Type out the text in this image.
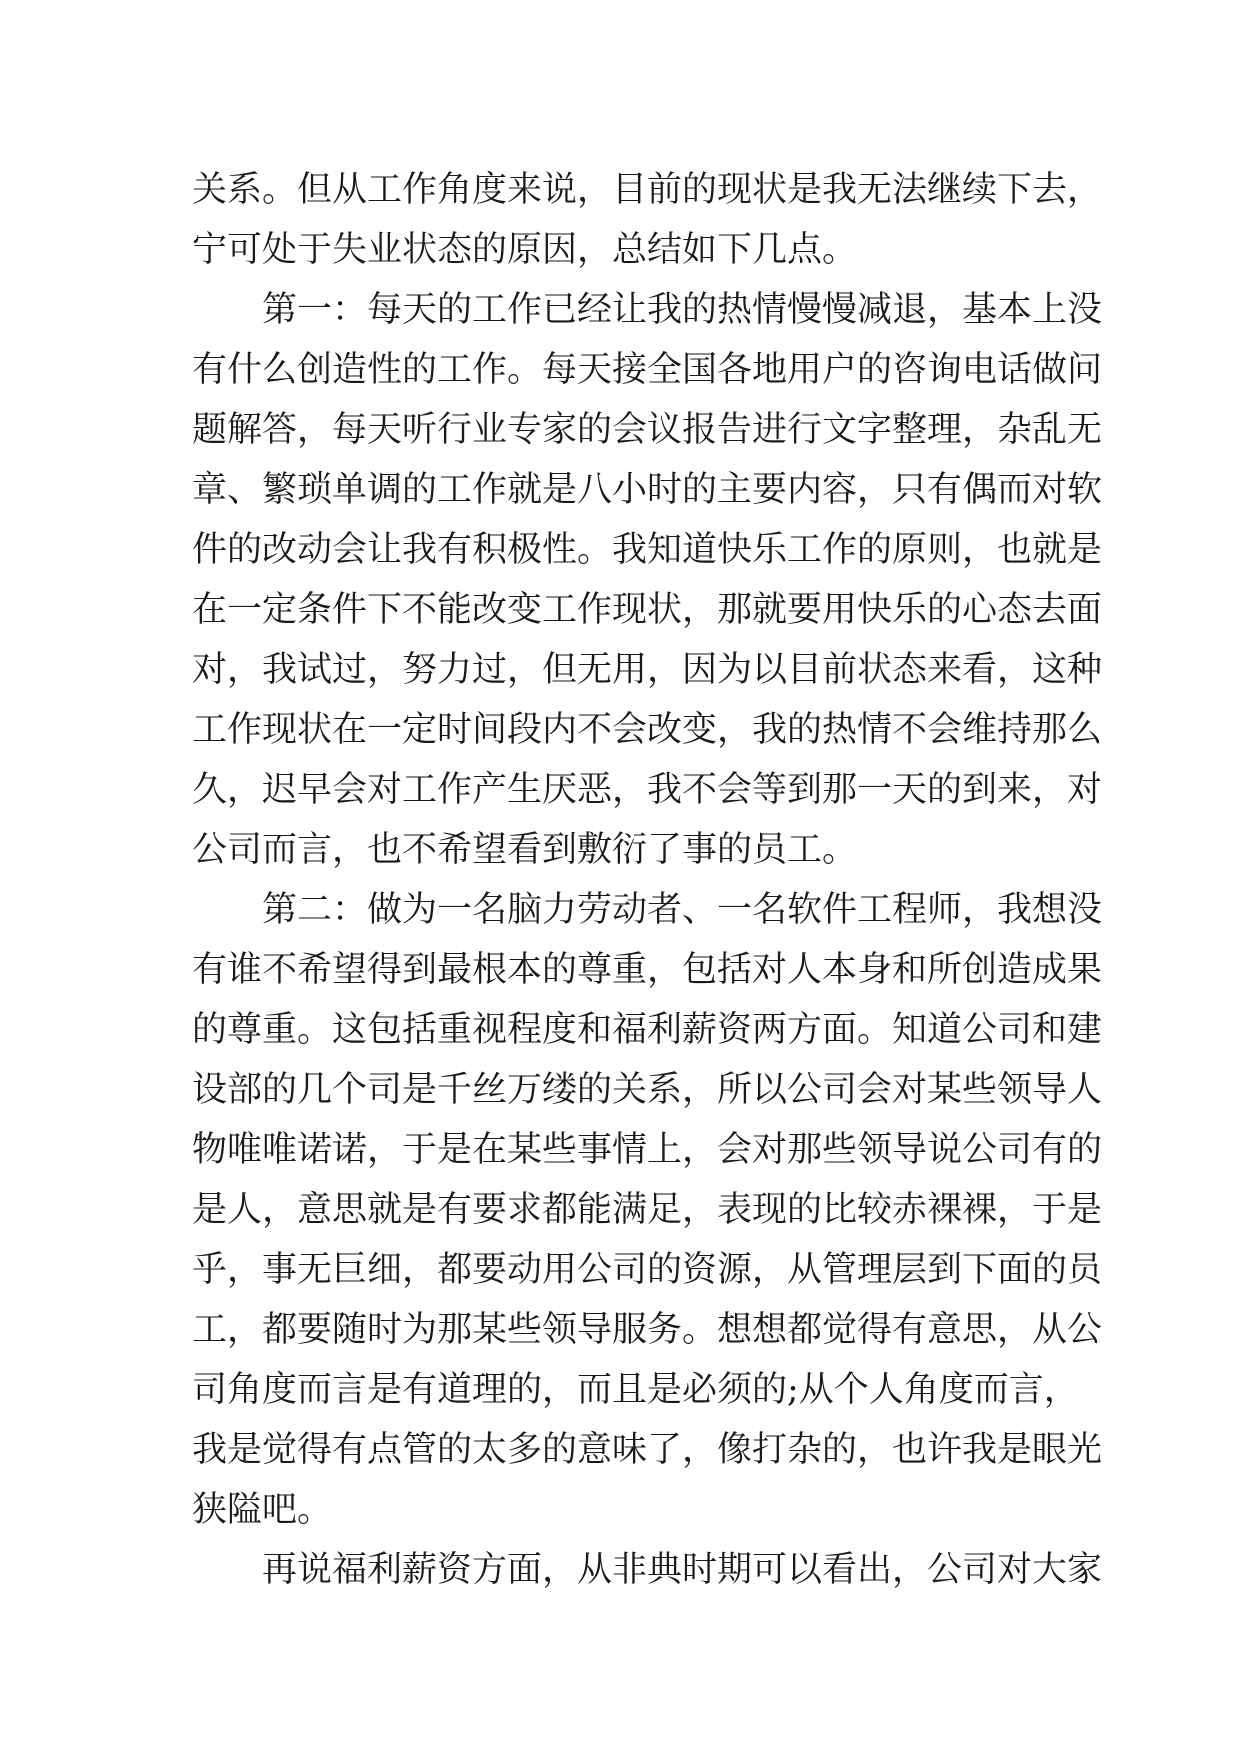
关系。但从工作角度来说，目前的现状是我无法继续下去，
宁可处于失业状态的原因，总结如下几点。
第一：每天的工作已经让我的热情慢慢减退，基本上没
有什么创造性的工作。每天接全国各地用户的咨询电话做问
题解答，每天听行业专家的会议报告进行文字整理，杂乱无
章、繁琐单调的工作就是八小时的主要内容，只有偶而对软
件的改动会让我有积极性。我知道快乐工作的原则，也就是
在一定条件下不能改变工作现状，那就要用快乐的心态去面
对，我试过，努力过，但无用，因为以目前状态来看，这种
工作现状在一定时间段内不会改变，我的热情不会维持那么
久，迟早会对工作产生厌恶，我不会等到那一天的到来，对
公司而言，也不希望看到敷衍了事的员工。
第二：做为一名脑力劳动者、一名软件工程师，我想没
有谁不希望得到最根本的尊重，包括对人本身和所创造成果
的尊重。这包括重视程度和福利薪资两方面。知道公司和建
设部的几个司是千丝万缕的关系，所以公司会对某些领导人
物唯唯诺诺，于是在某些事情上，会对那些领导说公司有的
是人，意思就是有要求都能满足，表现的比较赤裸裸，于是
乎，事无巨细，都要动用公司的资源，从管理层到下面的员
工，都要随时为那某些领导服务。想想都觉得有意思，从公
司角度而言是有道理的，而且是必须的;从个人角度而言，
我是觉得有点管的太多的意味了，像打杂的，也许我是眼光
狭隘吧。
再说福利薪资方面，从非典时期可以看出，公司对大家
